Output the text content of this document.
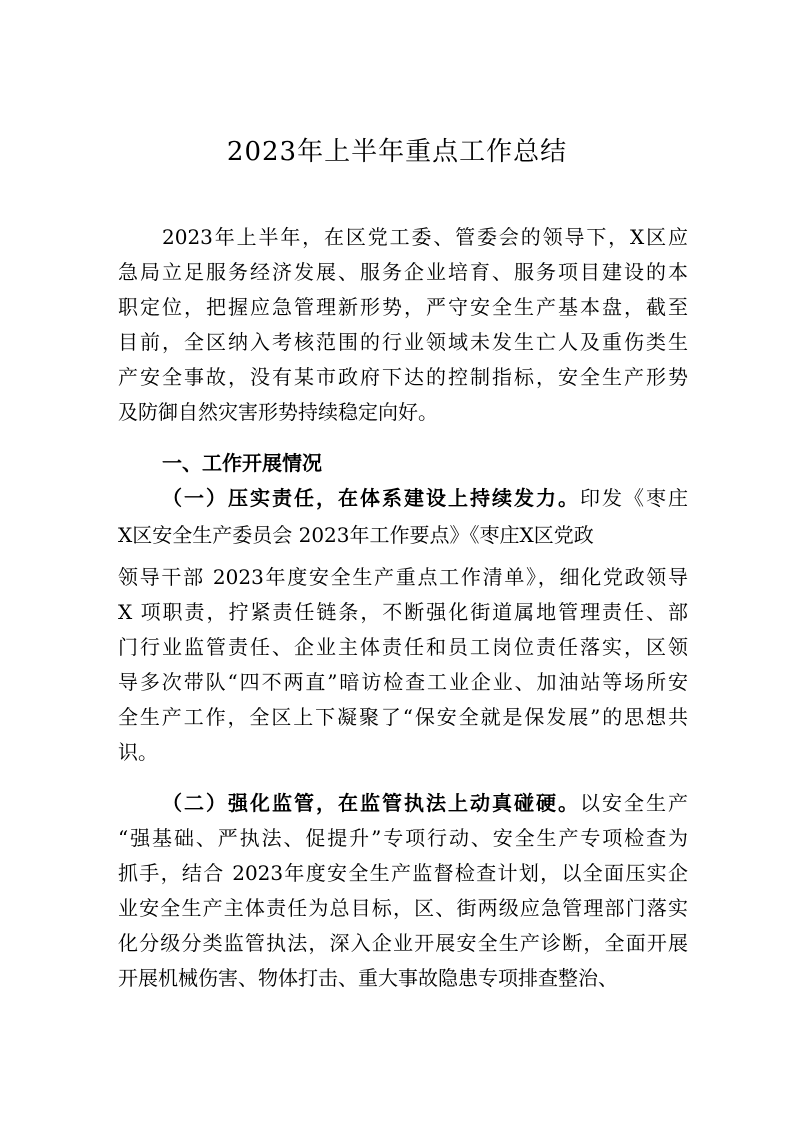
2023年上半年重点工作总结
2023年上半年，在区党工委、管委会的领导下，X区应
急局立足服务经济发展、服务企业培育、服务项目建设的本
职定位，把握应急管理新形势，严守安全生产基本盘，截至
目前，全区纳入考核范围的行业领域未发生亡人及重伤类生
产安全事故，没有某市政府下达的控制指标，安全生产形势
及防御自然灾害形势持续稳定向好。
一、工作开展情况
（一）压实责任，在体系建设上持续发力。印发《枣庄
X区安全生产委员会 2023年工作要点》《枣庄X区党政
领导干部 2023年度安全生产重点工作清单》，细化党政领导
X 项职责，拧紧责任链条，不断强化街道属地管理责任、部
门行业监管责任、企业主体责任和员工岗位责任落实，区领
导多次带队“四不两直”暗访检查工业企业、加油站等场所安
全生产工作，全区上下凝聚了“保安全就是保发展”的思想共
识。
（二）强化监管，在监管执法上动真碰硬。以安全生产
“强基础、严执法、促提升”专项行动、安全生产专项检查为
抓手，结合 2023年度安全生产监督检查计划，以全面压实企
业安全生产主体责任为总目标，区、街两级应急管理部门落实
化分级分类监管执法，深入企业开展安全生产诊断，全面开展
开展机械伤害、物体打击、重大事故隐患专项排查整治、
